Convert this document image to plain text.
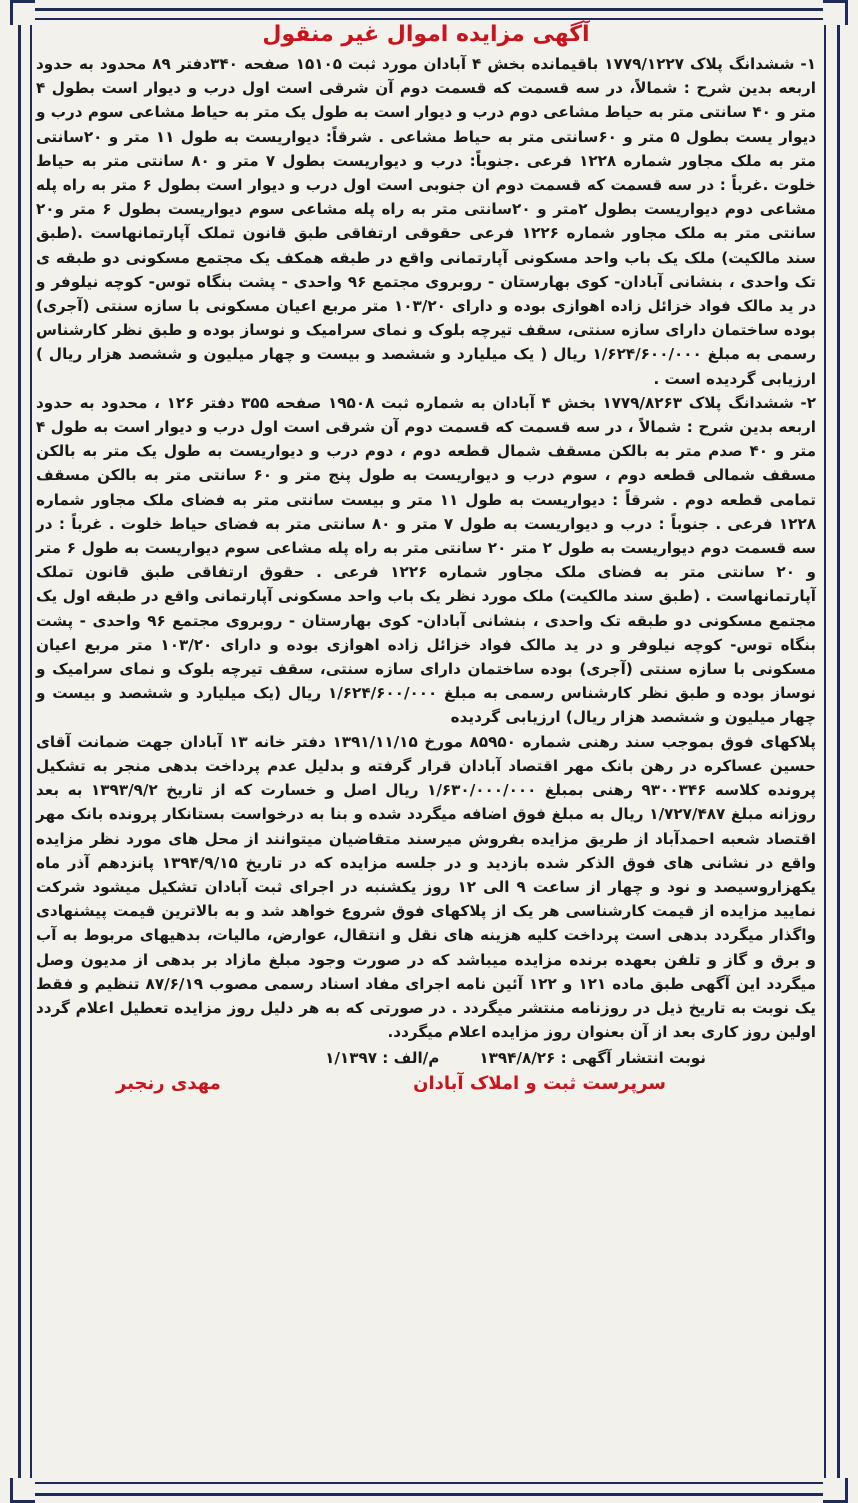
آگهی مزایده اموال غیر منقول

۱- ششدانگ پلاک ۱۷۷۹/۱۲۲۷ باقیمانده بخش ۴ آبادان مورد ثبت ۱۵۱۰۵ صفحه ۳۴۰دفتر ۸۹ محدود به حدود اربعه بدین شرح : شمالاً، در سه قسمت که قسمت دوم آن شرقی است اول درب و دیوار است بطول ۴ متر و ۴۰ سانتی متر به حیاط مشاعی دوم درب و دیوار است به طول یک متر به حیاط مشاعی سوم درب و دیوار یست بطول ۵ متر و ۶۰سانتی متر به حیاط مشاعی . شرقاً: دیواریست به طول ۱۱ متر و ۲۰سانتی متر به ملک مجاور شماره ۱۲۲۸ فرعی .جنوباً: درب و دیواریست بطول ۷ متر و ۸۰ سانتی متر به حیاط خلوت .غرباً : در سه قسمت که قسمت دوم ان جنوبی است اول درب و دیوار است بطول ۶ متر به راه پله مشاعی دوم دیواریست بطول ۲متر و ۲۰سانتی متر به راه پله مشاعی سوم دیواریست بطول ۶ متر و۲۰ سانتی متر به ملک مجاور شماره ۱۲۲۶ فرعی حقوقی ارتفاقی طبق قانون تملک آپارتمانهاست .(طبق سند مالکیت) ملک یک باب واحد مسکونی آپارتمانی واقع در طبقه همکف یک مجتمع مسکونی دو طبقه ی تک واحدی ، بنشانی آبادان- کوی بهارستان - روبروی مجتمع ۹۶ واحدی - پشت بنگاه توس- کوچه نیلوفر و در ید مالک فواد خزائل زاده اهوازی بوده و دارای ۱۰۳/۲۰ متر مربع اعیان مسکونی با سازه سنتی (آجری) بوده ساختمان دارای سازه سنتی، سقف تیرچه بلوک و نمای سرامیک و نوساز بوده و طبق نظر کارشناس رسمی به مبلغ ۱/۶۲۴/۶۰۰/۰۰۰ ریال ( یک میلیارد و ششصد و بیست و چهار میلیون و ششصد هزار ریال ) ارزیابی گردیده است .

۲- ششدانگ پلاک ۱۷۷۹/۸۲۶۳ بخش ۴ آبادان به شماره ثبت ۱۹۵۰۸ صفحه ۳۵۵ دفتر ۱۲۶ ، محدود به حدود اربعه بدین شرح : شمالاً ، در سه قسمت که قسمت دوم آن شرقی است اول درب و دیوار است به طول ۴ متر و ۴۰ صدم متر به بالکن مسقف شمال قطعه دوم ، دوم درب و دیواریست به طول یک متر به بالکن مسقف شمالی قطعه دوم ، سوم درب و دیواریست به طول پنج متر و ۶۰ سانتی متر به بالکن مسقف تمامی قطعه دوم . شرقاً : دیواریست به طول ۱۱ متر و بیست سانتی متر به فضای ملک مجاور شماره ۱۲۲۸ فرعی . جنوباً : درب و دیواریست به طول ۷ متر و ۸۰ سانتی متر به فضای حیاط خلوت . غرباً : در سه قسمت دوم دیواریست به طول ۲ متر ۲۰ سانتی متر به راه پله مشاعی سوم دیواریست به طول ۶ متر و ۲۰ سانتی متر به فضای ملک مجاور شماره ۱۲۲۶ فرعی . حقوق ارتفاقی طبق قانون تملک آپارتمانهاست . (طبق سند مالکیت) ملک مورد نظر یک باب واحد مسکونی آپارتمانی واقع در طبقه اول یک مجتمع مسکونی دو طبقه تک واحدی ، بنشانی آبادان- کوی بهارستان - روبروی مجتمع ۹۶ واحدی - پشت بنگاه توس- کوچه نیلوفر و در ید مالک فواد خزائل زاده اهوازی بوده و دارای ۱۰۳/۲۰ متر مربع اعیان مسکونی با سازه سنتی (آجری) بوده ساختمان دارای سازه سنتی، سقف تیرچه بلوک و نمای سرامیک و نوساز بوده و طبق نظر کارشناس رسمی به مبلغ ۱/۶۲۴/۶۰۰/۰۰۰ ریال (یک میلیارد و ششصد و بیست و چهار میلیون و ششصد هزار ریال) ارزیابی گردیده

پلاکهای فوق بموجب سند رهنی شماره ۸۵۹۵۰ مورخ ۱۳۹۱/۱۱/۱۵ دفتر خانه ۱۳ آبادان جهت ضمانت آقای حسین عساکره در رهن بانک مهر اقتصاد آبادان قرار گرفته و بدلیل عدم پرداخت بدهی منجر به تشکیل پرونده کلاسه ۹۳۰۰۳۴۶ رهنی بمبلغ ۱/۶۳۰/۰۰۰/۰۰۰ ریال اصل و خسارت که از تاریخ ۱۳۹۳/۹/۲ به بعد روزانه مبلغ ۱/۷۲۷/۴۸۷ ریال به مبلغ فوق اضافه میگردد شده و بنا به درخواست بستانکار پرونده بانک مهر اقتصاد شعبه احمدآباد از طریق مزایده بفروش میرسند متقاضیان میتوانند از محل های مورد نظر مزایده واقع در نشانی های فوق الذکر شده بازدید و در جلسه مزایده که در تاریخ ۱۳۹۴/۹/۱۵ پانزدهم آذر ماه یکهزاروسیصد و نود و چهار از ساعت ۹ الی ۱۲ روز یکشنبه در اجرای ثبت آبادان تشکیل میشود شرکت نمایید مزایده از قیمت کارشناسی هر یک از پلاکهای فوق شروع خواهد شد و به بالاترین قیمت پیشنهادی واگذار میگردد بدهی است پرداخت کلیه هزینه های نقل و انتقال، عوارض، مالیات، بدهیهای مربوط به آب و برق و گاز و تلفن بعهده برنده مزایده میباشد که در صورت وجود مبلغ مازاد بر بدهی از مدیون وصل میگردد این آگهی طبق ماده ۱۲۱ و ۱۲۲ آئین نامه اجرای مفاد اسناد رسمی مصوب ۸۷/۶/۱۹ تنظیم و فقط یک نوبت به تاریخ ذیل در روزنامه منتشر میگردد . در صورتی که به هر دلیل روز مزایده تعطیل اعلام گردد اولین روز کاری بعد از آن بعنوان روز مزایده اعلام میگردد.

نوبت انتشار آگهی : ۱۳۹۴/۸/۲۶
م/الف : ۱/۱۳۹۷
سرپرست ثبت و املاک آبادان
مهدی رنجبر
